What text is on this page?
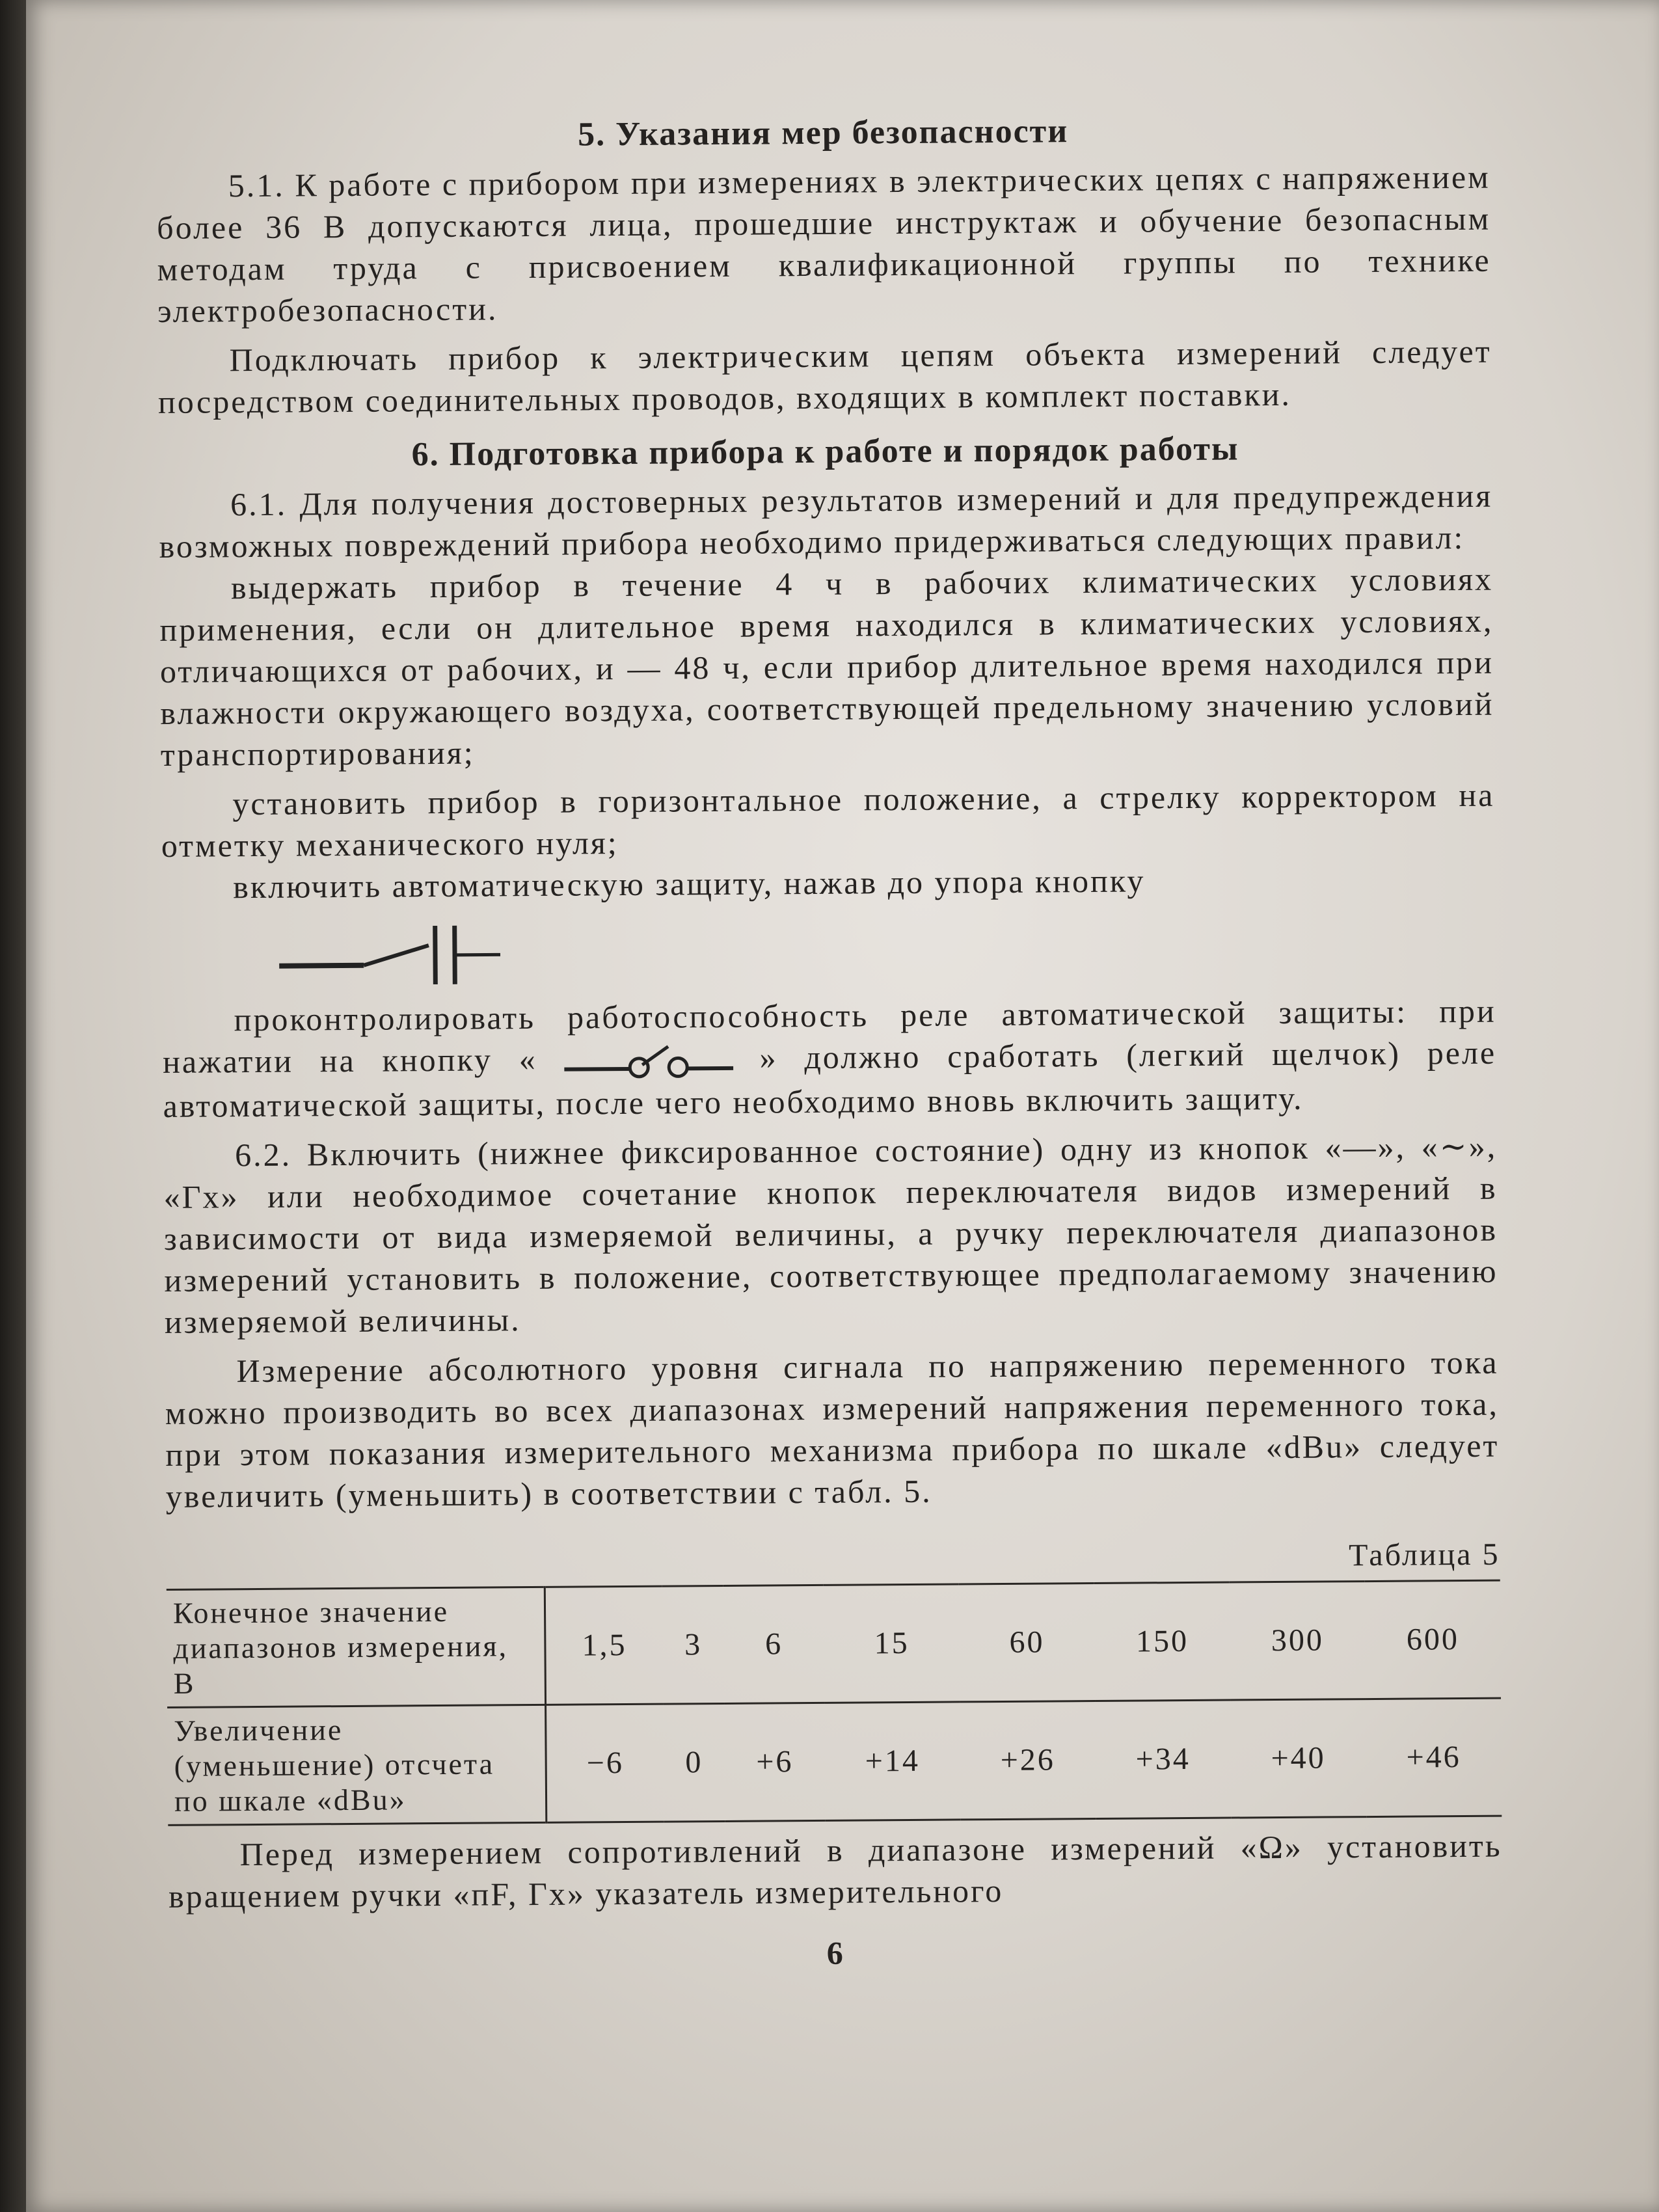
5. Указания мер безопасности

5.1. К работе с прибором при измерениях в электрических цепях с напряжением более 36 В допускаются лица, прошедшие инструктаж и обучение безопасным методам труда с присвоением квалификационной группы по технике электробезопасности.

Подключать прибор к электрическим цепям объекта измерений следует посредством соединительных проводов, входящих в комплект поставки.

6. Подготовка прибора к работе и порядок работы

6.1. Для получения достоверных результатов измерений и для предупреждения возможных повреждений прибора необходимо придерживаться следующих правил:

выдержать прибор в течение 4 ч в рабочих климатических условиях применения, если он длительное время находился в климатических условиях, отличающихся от рабочих, и — 48 ч, если прибор длительное время находился при влажности окружающего воздуха, соответствующей предельному значению условий транспортирования;

установить прибор в горизонтальное положение, а стрелку корректором на отметку механического нуля;

включить автоматическую защиту, нажав до упора кнопку

проконтролировать работоспособность реле автоматической защиты: при нажатии на кнопку «	» должно сработать (легкий щелчок) реле автоматической защиты, после чего необходимо вновь включить защиту.

6.2. Включить (нижнее фиксированное состояние) одну из кнопок «—», «∼», «Гх» или необходимое сочетание кнопок переключателя видов измерений в зависимости от вида измеряемой величины, а ручку переключателя диапазонов измерений установить в положение, соответствующее предполагаемому значению измеряемой величины.

Измерение абсолютного уровня сигнала по напряжению переменного тока можно производить во всех диапазонах измерений напряжения переменного тока, при этом показания измерительного механизма прибора по шкале «dBu» следует увеличить (уменьшить) в соответствии с табл. 5.

Таблица 5
Конечное значение диапазонов измерения, В	1,5	3	6	15	60	150	300	600
Увеличение (уменьшение) отсчета по шкале «dBu»	−6	0	+6	+14	+26	+34	+40	+46

Перед измерением сопротивлений в диапазоне измерений «Ω» установить вращением ручки «пF, Гх» указатель измерительного

6
